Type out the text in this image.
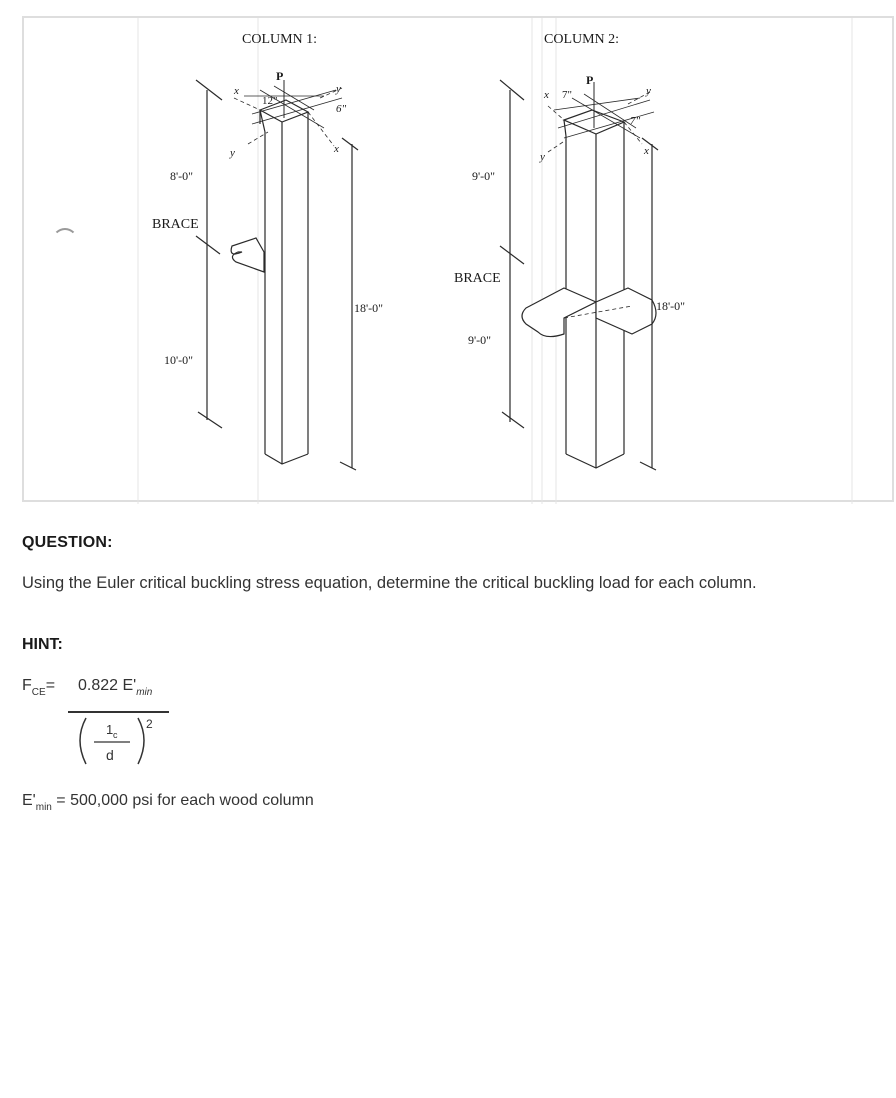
COLUMN 1:
P
12"
6"
x
x
y
y
8'-0"
BRACE
10'-0"
18'-0"
COLUMN 2:
P
7"
7"
x
x
y
y
9'-0"
BRACE
9'-0"
18'-0"
QUESTION:
Using the Euler critical buckling stress equation, determine the critical buckling load for each column.
HINT:
$F_{CE}= 0.822$ $E'_{min}$
1 c
d
2
$E'_{min} = 500,000$ psi for each wood column
